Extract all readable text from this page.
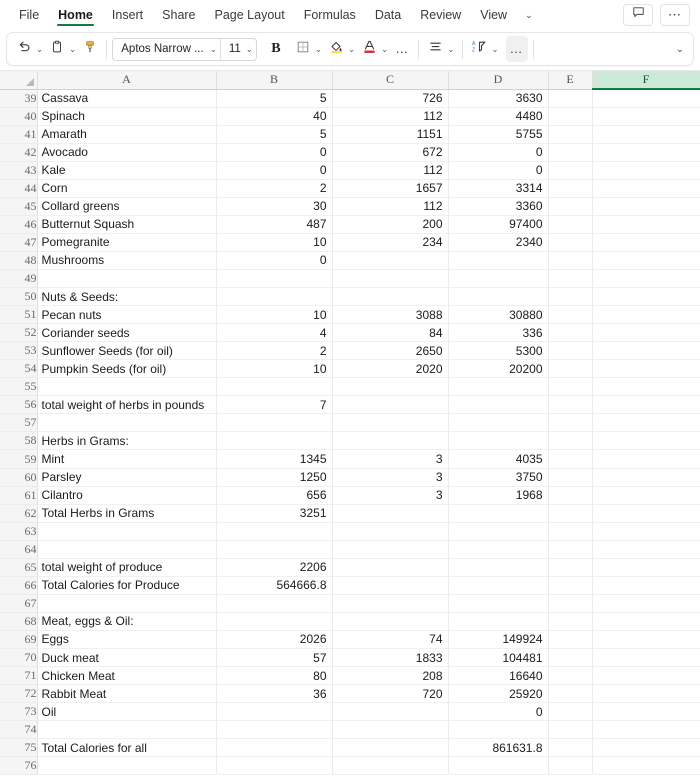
File	Home	Insert	Share	Page Layout	Formulas	Data	Review	View	⌄	⋯
⌄	⌄	Aptos Narrow ... ⌄	11 ⌄ B	⌄	⌄	⌄ …	⌄	A
Z ⌄ …	⌄
	A	B	C	D	E	F
39	Cassava	5	726	3630		
40	Spinach	40	112	4480		
41	Amarath	5	1151	5755		
42	Avocado	0	672	0		
43	Kale	0	112	0		
44	Corn	2	1657	3314		
45	Collard greens	30	112	3360		
46	Butternut Squash	487	200	97400		
47	Pomegranite	10	234	2340		
48	Mushrooms	0				
49						
50	Nuts & Seeds:					
51	Pecan nuts	10	3088	30880		
52	Coriander seeds	4	84	336		
53	Sunflower Seeds (for oil)	2	2650	5300		
54	Pumpkin Seeds (for oil)	10	2020	20200		
55						
56	total weight of herbs in pounds	7				
57						
58	Herbs in Grams:					
59	Mint	1345	3	4035		
60	Parsley	1250	3	3750		
61	Cilantro	656	3	1968		
62	Total Herbs in Grams	3251				
63						
64						
65	total weight of produce	2206				
66	Total Calories for Produce	564666.8				
67						
68	Meat, eggs & Oil:					
69	Eggs	2026	74	149924		
70	Duck meat	57	1833	104481		
71	Chicken Meat	80	208	16640		
72	Rabbit Meat	36	720	25920		
73	Oil			0		
74						
75	Total Calories for all			861631.8		
76						
